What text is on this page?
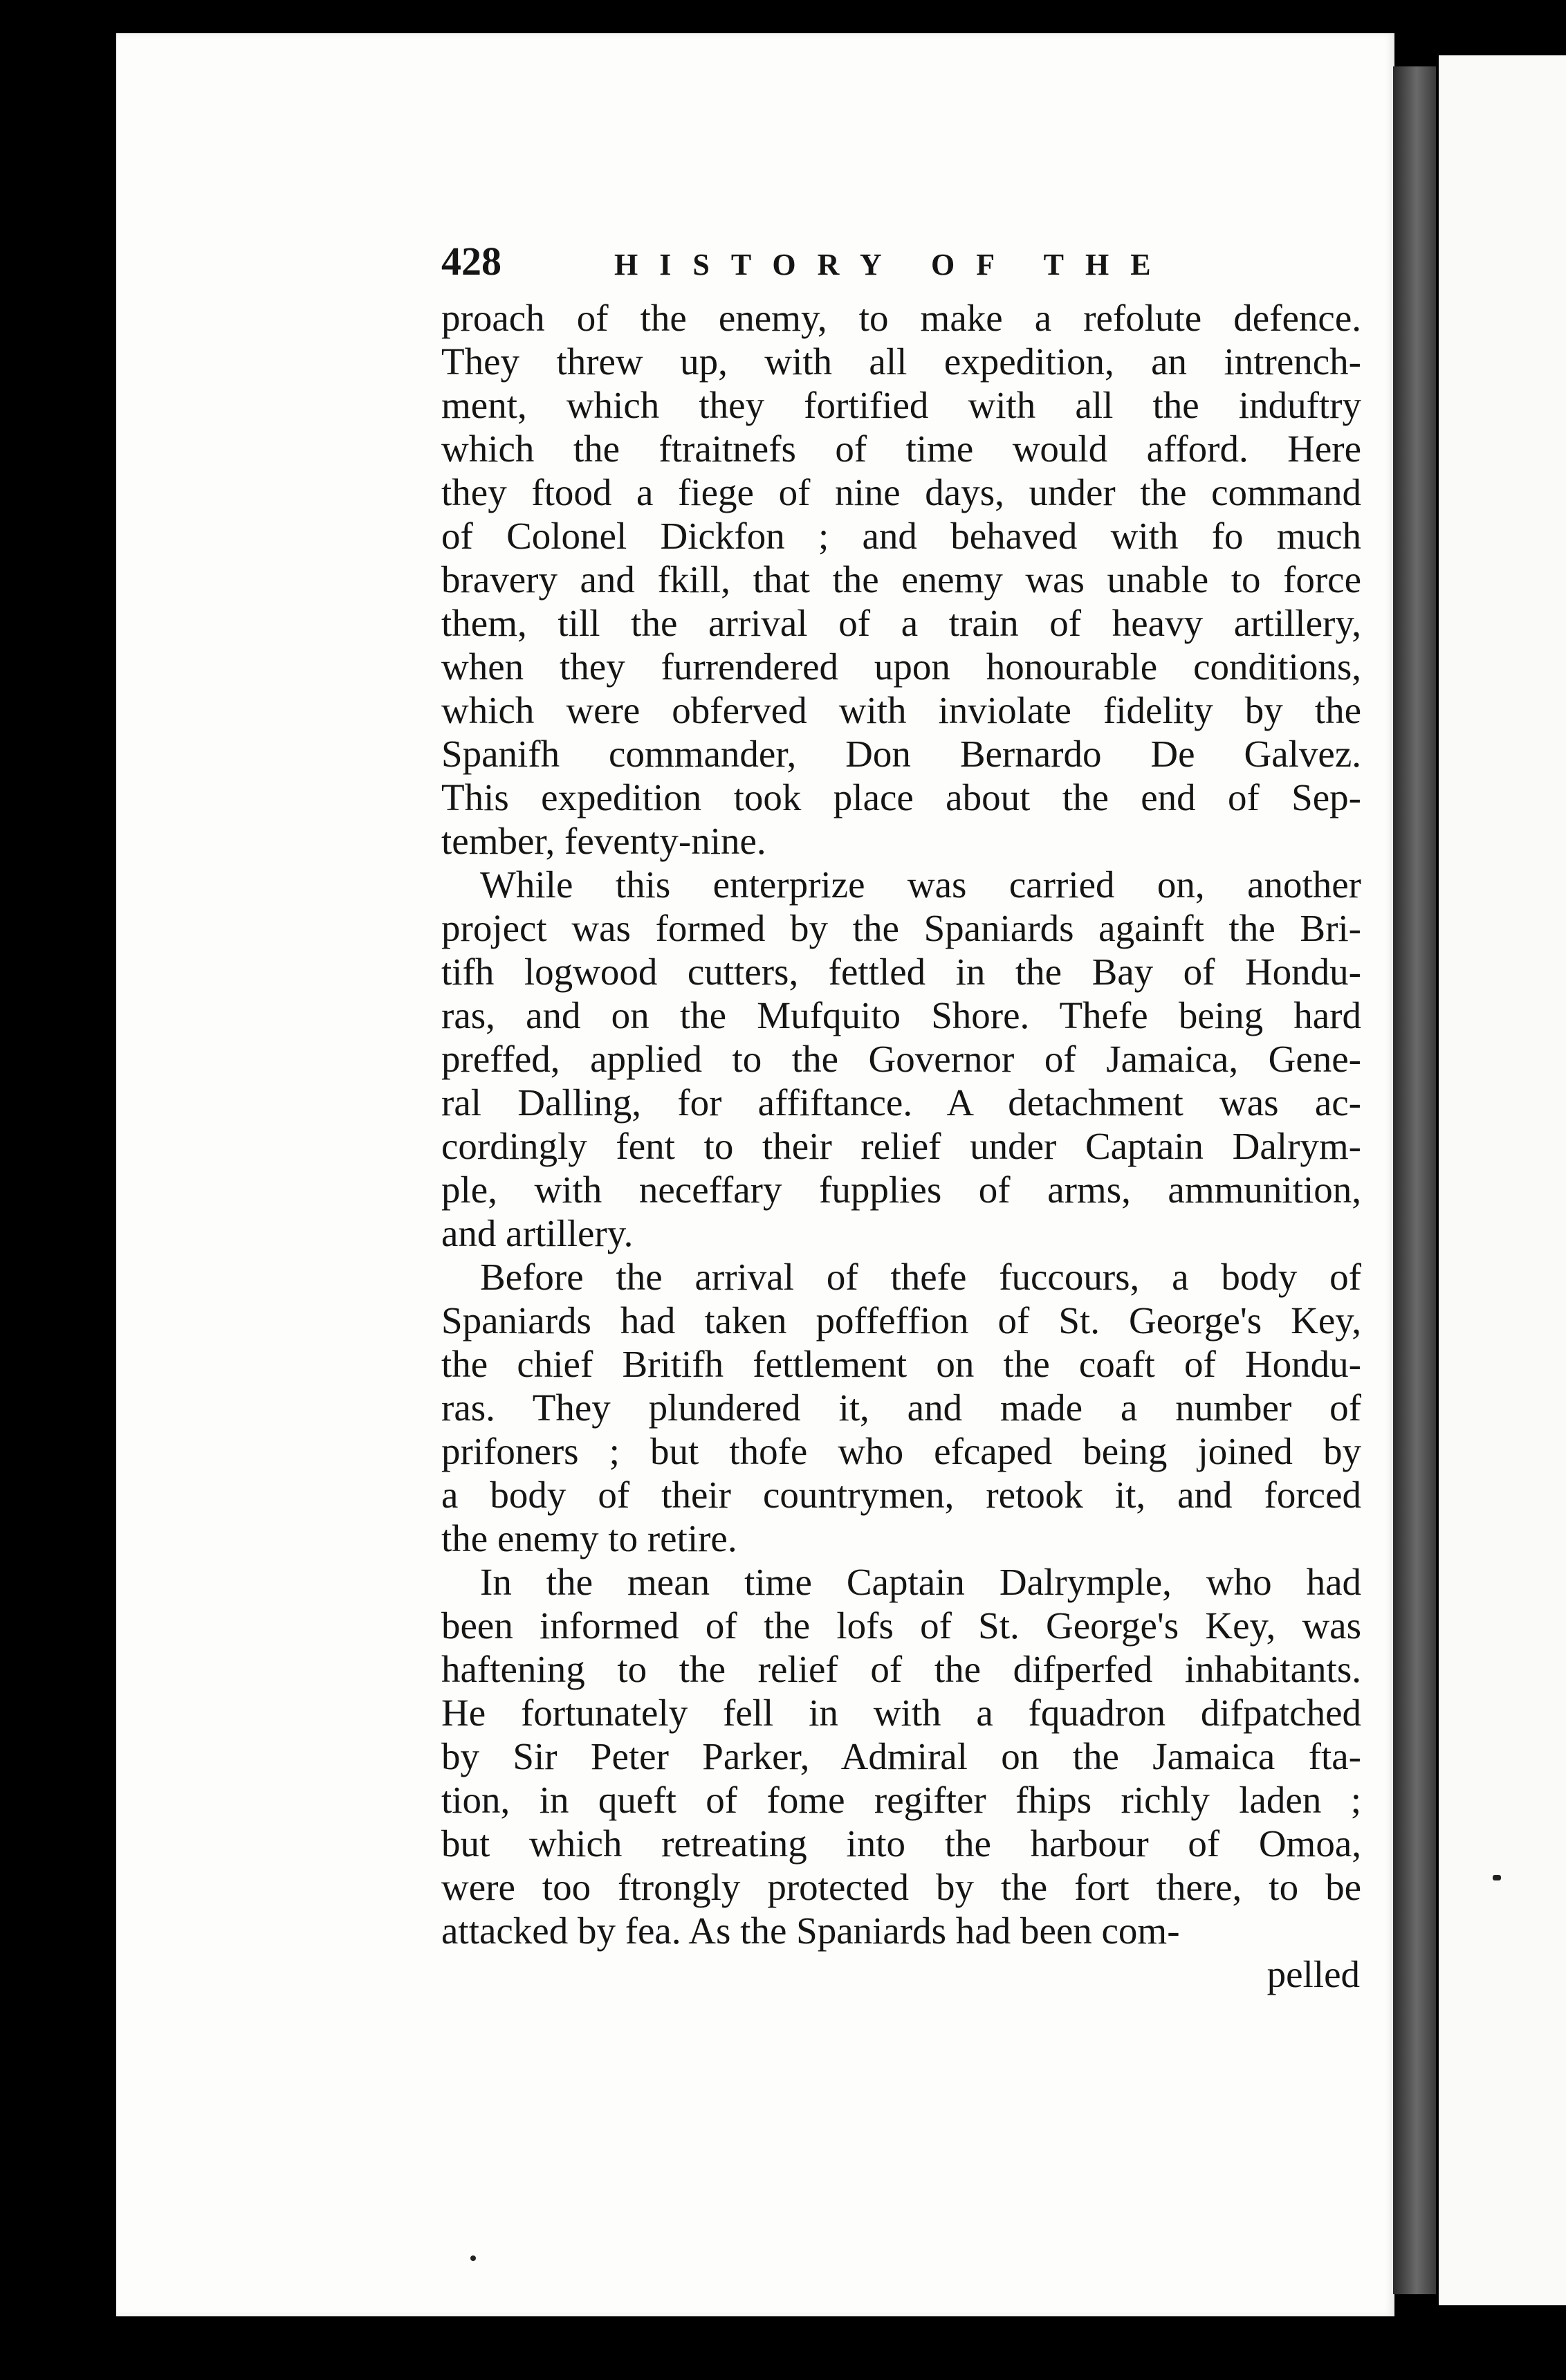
428	HISTORY OF THE
proach of the enemy, to make a refolute defence.
They threw up, with all expedition, an intrench-
ment, which they fortified with all the induftry
which the ftraitnefs of time would afford. Here
they ftood a fiege of nine days, under the command
of Colonel Dickfon ; and behaved with fo much
bravery and fkill, that the enemy was unable to force
them, till the arrival of a train of heavy artillery,
when they furrendered upon honourable conditions,
which were obferved with inviolate fidelity by the
Spanifh commander, Don Bernardo De Galvez.
This expedition took place about the end of Sep-
tember, feventy-nine.
While this enterprize was carried on, another
project was formed by the Spaniards againft the Bri-
tifh logwood cutters, fettled in the Bay of Hondu-
ras, and on the Mufquito Shore. Thefe being hard
preffed, applied to the Governor of Jamaica, Gene-
ral Dalling, for affiftance. A detachment was ac-
cordingly fent to their relief under Captain Dalrym-
ple, with neceffary fupplies of arms, ammunition,
and artillery.
Before the arrival of thefe fuccours, a body of
Spaniards had taken poffeffion of St. George's Key,
the chief Britifh fettlement on the coaft of Hondu-
ras. They plundered it, and made a number of
prifoners ; but thofe who efcaped being joined by
a body of their countrymen, retook it, and forced
the enemy to retire.
In the mean time Captain Dalrymple, who had
been informed of the lofs of St. George's Key, was
haftening to the relief of the difperfed inhabitants.
He fortunately fell in with a fquadron difpatched
by Sir Peter Parker, Admiral on the Jamaica fta-
tion, in queft of fome regifter fhips richly laden ;
but which retreating into the harbour of Omoa,
were too ftrongly protected by the fort there, to be
attacked by fea. As the Spaniards had been com-
pelled
